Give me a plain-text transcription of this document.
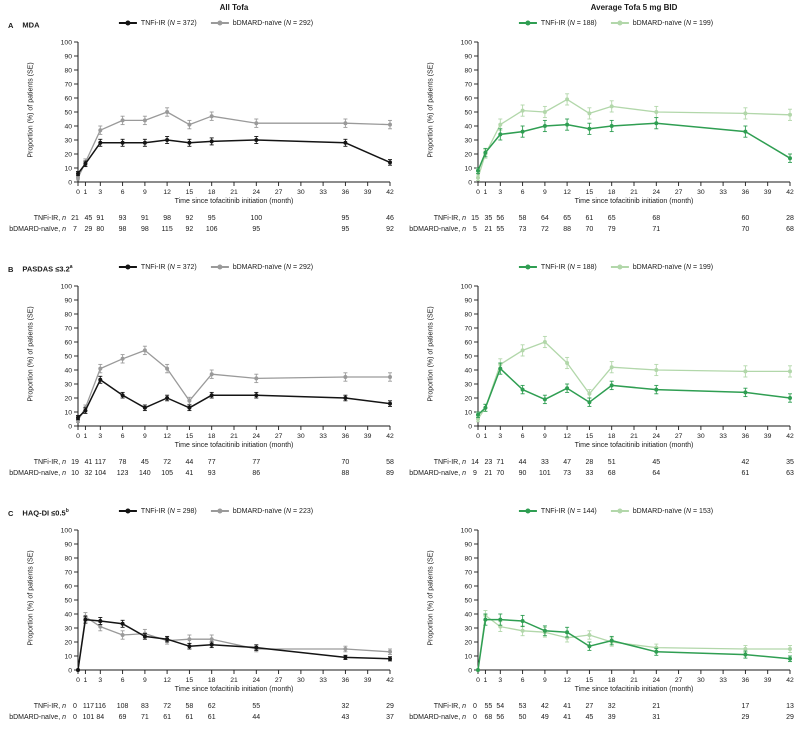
All Tofa
A MDA	TNFi-IR (N = 372)	bDMARD-naïve (N = 292)
Proportion (%) of patients (SE)
0
10
20
30
40
50
60
70
80
90
100
0 1 3	6	9 12 15 18 21 24 27 30 33 36 39 42
Time since tofacitinib initiation (month)
TNFi-IR, n 21 45 91 93 91 98 92 95	100	95	46
bDMARD-naïve, n 7 29 80 98 98 115 92 106	95	95	92
Average Tofa 5 mg BID
TNFi-IR (N = 188)	bDMARD-naïve (N = 199)
Proportion (%) of patients (SE)
0
10
20
30
40
50
60
70
80
90
100
0 1 3	6	9 12 15 18 21 24 27 30 33 36 39 42
Time since tofacitinib initiation (month)
TNFi-IR, n 15 35 56 58 64 65 61 65	68	60	28
bDMARD-naïve, n 5 21 55 73 72 88 70 79	71	70	68
B PASDAS ≤3.2$^a$	TNFi-IR (N = 372)	bDMARD-naïve (N = 292)
Proportion (%) of patients (SE)
0
10
20
30
40
50
60
70
80
90
100
0 1 3	6	9 12 15 18 21 24 27 30 33 36 39 42
Time since tofacitinib initiation (month)
TNFi-IR, n 19 41 117 78 45 72 44 77	77	70	58
bDMARD-naïve, n 10 32 104 123 140 105 41 93	86	88	89
TNFi-IR (N = 188)	bDMARD-naïve (N = 199)
Proportion (%) of patients (SE)
0
10
20
30
40
50
60
70
80
90
100
0 1 3	6	9 12 15 18 21 24 27 30 33 36 39 42
Time since tofacitinib initiation (month)
TNFi-IR, n 14 23 71 44 33 47 28 51	45	42	35
bDMARD-naïve, n 9 21 70 90 101 73 33 68	64	61	63
C HAQ-DI ≤0.5$^b$	TNFi-IR (N = 298)	bDMARD-naïve (N = 223)
Proportion (%) of patients (SE)
0
10
20
30
40
50
60
70
80
90
100
0 1 3	6	9 12 15 18 21 24 27 30 33 36 39 42
Time since tofacitinib initiation (month)
TNFi-IR, n 0 117 116 108 83 72 58 62	55	32	29
bDMARD-naïve, n 0 101 84 69 71 61 61 61	44	43	37
TNFi-IR (N = 144)	bDMARD-naïve (N = 153)
Proportion (%) of patients (SE)
0
10
20
30
40
50
60
70
80
90
100
0 1 3	6	9 12 15 18 21 24 27 30 33 36 39 42
Time since tofacitinib initiation (month)
TNFi-IR, n 0 55 54 53 42 41 27 32	21	17	13
bDMARD-naïve, n 0 68 56 50 49 41 45 39	31	29	29
